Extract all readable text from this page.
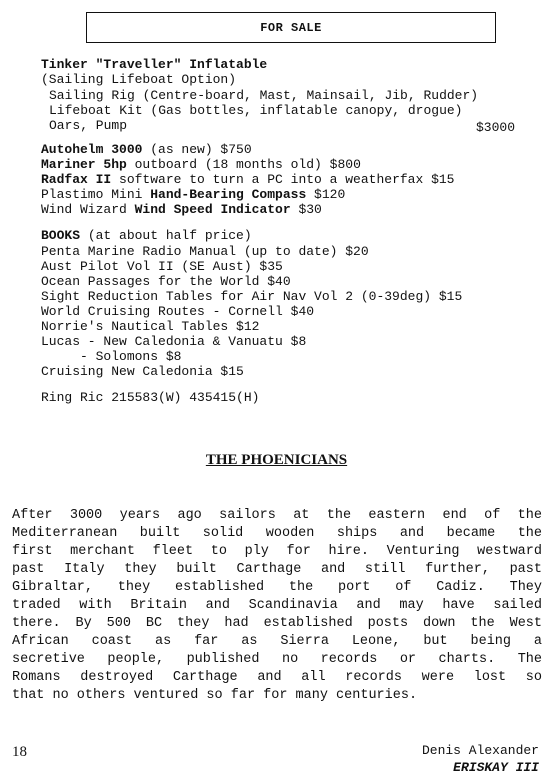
FOR SALE
Tinker "Traveller" Inflatable
(Sailing Lifeboat Option)
Sailing Rig (Centre-board, Mast, Mainsail, Jib, Rudder)
Lifeboat Kit (Gas bottles, inflatable canopy, drogue)
Oars, Pump	$3000
Autohelm 3000 (as new) $750
Mariner 5hp outboard (18 months old) $800
Radfax II software to turn a PC into a weatherfax $15
Plastimo Mini Hand-Bearing Compass $120
Wind Wizard Wind Speed Indicator $30
BOOKS (at about half price)
Penta Marine Radio Manual (up to date) $20
Aust Pilot Vol II (SE Aust) $35
Ocean Passages for the World $40
Sight Reduction Tables for Air Nav Vol 2 (0-39deg) $15
World Cruising Routes - Cornell $40
Norrie's Nautical Tables $12
Lucas - New Caledonia & Vanuatu $8
- Solomons $8
Cruising New Caledonia $15
Ring Ric 215583(W) 435415(H)
THE PHOENICIANS
After 3000 years ago sailors at the eastern end of the
Mediterranean built solid wooden ships and became the
first merchant fleet to ply for hire. Venturing westward
past Italy they built Carthage and still further, past
Gibraltar, they established the port of Cadiz. They
traded with Britain and Scandinavia and may have sailed
there. By 500 BC they had established posts down the West
African coast as far as Sierra Leone, but being a
secretive people, published no records or charts. The
Romans destroyed Carthage and all records were lost so
that no others ventured so far for many centuries.
18	Denis Alexander
ERISKAY III
